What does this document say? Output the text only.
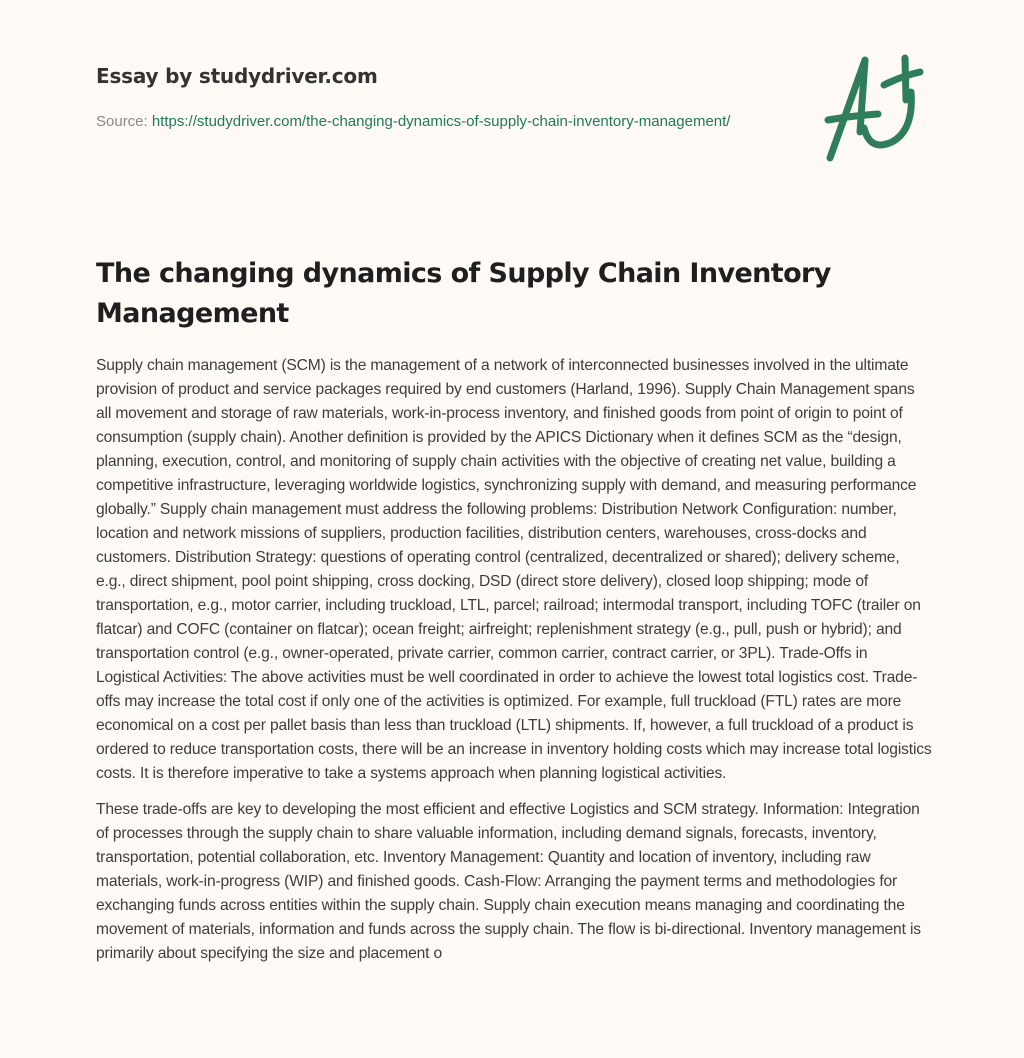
Essay by studydriver.com
Source: https://studydriver.com/the-changing-dynamics-of-supply-chain-inventory-management/
The changing dynamics of Supply Chain Inventory Management

Supply chain management (SCM) is the management of a network of interconnected businesses involved in the ultimate provision of product and service packages required by end customers (Harland, 1996). Supply Chain Management spans all movement and storage of raw materials, work-in-process inventory, and finished goods from point of origin to point of consumption (supply chain). Another definition is provided by the APICS Dictionary when it defines SCM as the “design, planning, execution, control, and monitoring of supply chain activities with the objective of creating net value, building a competitive infrastructure, leveraging worldwide logistics, synchronizing supply with demand, and measuring performance globally.” Supply chain management must address the following problems: Distribution Network Configuration: number, location and network missions of suppliers, production facilities, distribution centers, warehouses, cross-docks and customers. Distribution Strategy: questions of operating control (centralized, decentralized or shared); delivery scheme, e.g., direct shipment, pool point shipping, cross docking, DSD (direct store delivery), closed loop shipping; mode of transportation, e.g., motor carrier, including truckload, LTL, parcel; railroad; intermodal transport, including TOFC (trailer on flatcar) and COFC (container on flatcar); ocean freight; airfreight; replenishment strategy (e.g., pull, push or hybrid); and transportation control (e.g., owner-operated, private carrier, common carrier, contract carrier, or 3PL). Trade-Offs in Logistical Activities: The above activities must be well coordinated in order to achieve the lowest total logistics cost. Trade-offs may increase the total cost if only one of the activities is optimized. For example, full truckload (FTL) rates are more economical on a cost per pallet basis than less than truckload (LTL) shipments. If, however, a full truckload of a product is ordered to reduce transportation costs, there will be an increase in inventory holding costs which may increase total logistics costs. It is therefore imperative to take a systems approach when planning logistical activities.

These trade-offs are key to developing the most efficient and effective Logistics and SCM strategy. Information: Integration of processes through the supply chain to share valuable information, including demand signals, forecasts, inventory, transportation, potential collaboration, etc. Inventory Management: Quantity and location of inventory, including raw materials, work-in-progress (WIP) and finished goods. Cash-Flow: Arranging the payment terms and methodologies for exchanging funds across entities within the supply chain. Supply chain execution means managing and coordinating the movement of materials, information and funds across the supply chain. The flow is bi-directional. Inventory management is primarily about specifying the size and placement o
